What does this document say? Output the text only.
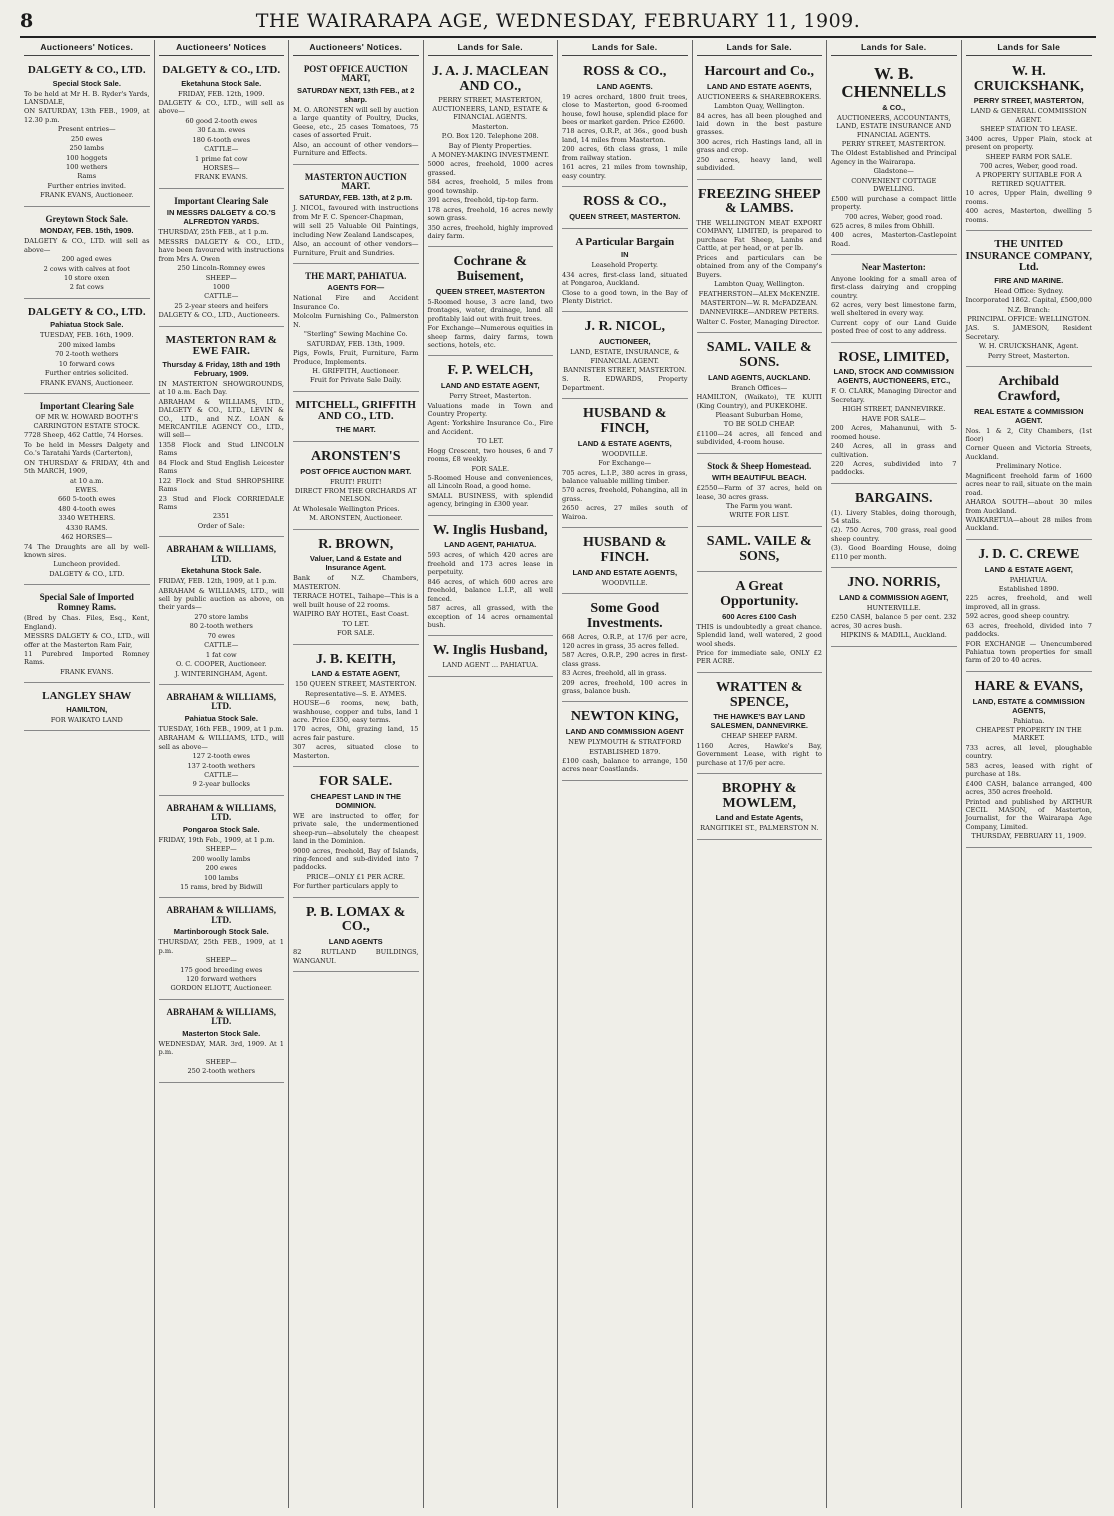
8	THE WAIRARAPA AGE, WEDNESDAY, FEBRUARY 11, 1909.
Auctioneers' Notices.
DALGETY & CO., LTD.
Special Stock Sale.
To be held at Mr H. B. Ryder's Yards, LANSDALE,
ON SATURDAY, 13th FEB., 1909, at 12.30 p.m.
Present entries—
250 ewes
250 lambs
100 hoggets
100 wethers
Rams
Further entries invited.
FRANK EVANS, Auctioneer.
Greytown Stock Sale.
MONDAY, FEB. 15th, 1909.
DALGETY & CO., LTD. will sell as above—
200 aged ewes
2 cows with calves at foot
10 store oxen
2 fat cows
DALGETY & CO., LTD.
Pahiatua Stock Sale.
TUESDAY, FEB. 16th, 1909.
200 mixed lambs
70 2-tooth wethers
10 forward cows
Further entries solicited.
FRANK EVANS, Auctioneer.
Important Clearing Sale
OF MR W. HOWARD BOOTH'S CARRINGTON ESTATE STOCK.
7728 Sheep, 462 Cattle, 74 Horses.
To be held in Messrs Dalgety and Co.'s Taratahi Yards (Carterton),
ON THURSDAY & FRIDAY, 4th and 5th MARCH, 1909,
at 10 a.m.
EWES.
660 5-tooth ewes
480 4-tooth ewes
3340 WETHERS.
4330 RAMS.
462 HORSES—
74 The Draughts are all by well-known sires.
Luncheon provided.
DALGETY & CO., LTD.
Special Sale of Imported Romney Rams.
(Bred by Chas. Files, Esq., Kent, England).
MESSRS DALGETY & CO., LTD., will offer at the Masterton Ram Fair,
11 Purebred Imported Romney Rams.
FRANK EVANS.
LANGLEY SHAW
HAMILTON,
FOR WAIKATO LAND
Auctioneers' Notices
DALGETY & CO., LTD.
Eketahuna Stock Sale.
FRIDAY, FEB. 12th, 1909.
DALGETY & CO., LTD., will sell as above—
60 good 2-tooth ewes
30 f.a.m. ewes
180 6-tooth ewes
CATTLE—
1 prime fat cow
HORSES—
FRANK EVANS.
Important Clearing Sale
IN MESSRS DALGETY & CO.'S ALFREDTON YARDS.
THURSDAY, 25th FEB., at 1 p.m.
MESSRS DALGETY & CO., LTD., have been favoured with instructions from Mrs A. Owen
250 Lincoln-Romney ewes
SHEEP—
1000
CATTLE—
25 2-year steers and heifers
DALGETY & CO., LTD., Auctioneers.
MASTERTON RAM & EWE FAIR.
Thursday & Friday, 18th and 19th February, 1909.
IN MASTERTON SHOWGROUNDS, at 10 a.m. Each Day.
ABRAHAM & WILLIAMS, LTD., DALGETY & CO., LTD., LEVIN & CO., LTD., and N.Z. LOAN & MERCANTILE AGENCY CO., LTD., will sell—
1358 Flock and Stud LINCOLN Rams
84 Flock and Stud English Leicester Rams
122 Flock and Stud SHROPSHIRE Rams
23 Stud and Flock CORRIEDALE Rams
2351
Order of Sale:
ABRAHAM & WILLIAMS, LTD.
Eketahuna Stock Sale.
FRIDAY, FEB. 12th, 1909, at 1 p.m.
ABRAHAM & WILLIAMS, LTD., will sell by public auction as above, on their yards—
270 store lambs
80 2-tooth wethers
70 ewes
CATTLE—
1 fat cow
O. C. COOPER, Auctioneer.
J. WINTERINGHAM, Agent.
ABRAHAM & WILLIAMS, LTD.
Pahiatua Stock Sale.
TUESDAY, 16th FEB., 1909, at 1 p.m.
ABRAHAM & WILLIAMS, LTD., will sell as above—
127 2-tooth ewes
137 2-tooth wethers
CATTLE—
9 2-year bullocks
ABRAHAM & WILLIAMS, LTD.
Pongaroa Stock Sale.
FRIDAY, 19th Feb., 1909, at 1 p.m.
SHEEP—
200 woolly lambs
200 ewes
100 lambs
15 rams, bred by Bidwill
ABRAHAM & WILLIAMS, LTD.
Martinborough Stock Sale.
THURSDAY, 25th FEB., 1909, at 1 p.m.
SHEEP—
175 good breeding ewes
120 forward wethers
GORDON ELIOTT, Auctioneer.
ABRAHAM & WILLIAMS, LTD.
Masterton Stock Sale.
WEDNESDAY, MAR. 3rd, 1909. At 1 p.m.
SHEEP—
250 2-tooth wethers
Auctioneers' Notices.
POST OFFICE AUCTION MART,
SATURDAY NEXT, 13th FEB., at 2 sharp.
M. O. ARONSTEN will sell by auction a large quantity of Poultry, Ducks, Geese, etc., 25 cases Tomatoes, 75 cases of assorted Fruit.
Also, an account of other vendors—Furniture and Effects.
MASTERTON AUCTION MART.
SATURDAY, FEB. 13th, at 2 p.m.
J. NICOL, favoured with instructions from Mr F. C. Spencer-Chapman,
will sell 25 Valuable Oil Paintings, including New Zealand Landscapes,
Also, an account of other vendors—Furniture, Fruit and Sundries.
THE MART, PAHIATUA.
AGENTS FOR—
National Fire and Accident Insurance Co.
Molcolm Furnishing Co., Palmerston N.
"Sterling" Sewing Machine Co.
SATURDAY, FEB. 13th, 1909.
Pigs, Fowls, Fruit, Furniture, Farm Produce, Implements.
H. GRIFFITH, Auctioneer.
Fruit for Private Sale Daily.
MITCHELL, GRIFFITH AND CO., LTD.
THE MART.
ARONSTEN'S
POST OFFICE AUCTION MART.
FRUIT! FRUIT!
DIRECT FROM THE ORCHARDS AT NELSON.
At Wholesale Wellington Prices.
M. ARONSTEN, Auctioneer.
R. BROWN,
Valuer, Land & Estate and Insurance Agent.
Bank of N.Z. Chambers, MASTERTON.
TERRACE HOTEL, Taihape—This is a well built house of 22 rooms.
WAIPIRO BAY HOTEL, East Coast.
TO LET.
FOR SALE.
J. B. KEITH,
LAND & ESTATE AGENT,
150 QUEEN STREET, MASTERTON.
Representative—S. E. AYMES.
HOUSE—6 rooms, new, bath, washhouse, copper and tubs, land 1 acre. Price £350, easy terms.
170 acres, Ohi, grazing land, 15 acres fair pasture.
307 acres, situated close to Masterton.
FOR SALE.
CHEAPEST LAND IN THE DOMINION.
WE are instructed to offer, for private sale, the undermentioned sheep-run—absolutely the cheapest land in the Dominion.
9000 acres, freehold, Bay of Islands, ring-fenced and sub-divided into 7 paddocks.
PRICE—ONLY £1 PER ACRE.
For further particulars apply to
P. B. LOMAX & CO.,
LAND AGENTS
82 RUTLAND BUILDINGS, WANGANUI.
Lands for Sale.
J. A. J. MACLEAN AND CO.,
PERRY STREET, MASTERTON, AUCTIONEERS, LAND, ESTATE & FINANCIAL AGENTS.
Masterton.
P.O. Box 120. Telephone 208.
Bay of Plenty Properties.
A MONEY-MAKING INVESTMENT.
5000 acres, freehold, 1000 acres grassed.
584 acres, freehold, 5 miles from good township.
391 acres, freehold, tip-top farm.
178 acres, freehold, 16 acres newly sown grass.
350 acres, freehold, highly improved dairy farm.
Cochrane & Buisement,
QUEEN STREET, MASTERTON
5-Roomed house, 3 acre land, two frontages, water, drainage, land all profitably laid out with fruit trees.
For Exchange—Numerous equities in sheep farms, dairy farms, town sections, hotels, etc.
F. P. WELCH,
LAND AND ESTATE AGENT,
Perry Street, Masterton.
Valuations made in Town and Country Property.
Agent: Yorkshire Insurance Co., Fire and Accident.
TO LET.
Hogg Crescent, two houses, 6 and 7 rooms, £8 weekly.
FOR SALE.
5-Roomed House and conveniences, all Lincoln Road, a good home.
SMALL BUSINESS, with splendid agency, bringing in £300 year.
W. Inglis Husband,
LAND AGENT, PAHIATUA.
593 acres, of which 420 acres are freehold and 173 acres lease in perpetuity.
846 acres, of which 600 acres are freehold, balance L.I.P., all well fenced.
587 acres, all grassed, with the exception of 14 acres ornamental bush.
W. Inglis Husband,
LAND AGENT ... PAHIATUA.
Lands for Sale.
ROSS & CO.,
LAND AGENTS.
19 acres orchard, 1800 fruit trees, close to Masterton, good 6-roomed house, fowl house, splendid place for bees or market garden. Price £2600.
718 acres, O.R.P., at 36s., good bush land, 14 miles from Masterton.
200 acres, 6th class grass, 1 mile from railway station.
161 acres, 21 miles from township, easy country.
ROSS & CO.,
QUEEN STREET, MASTERTON.
A Particular Bargain
IN
Leasehold Property.
434 acres, first-class land, situated at Pongaroa, Auckland.
Close to a good town, in the Bay of Plenty District.
J. R. NICOL,
AUCTIONEER,
LAND, ESTATE, INSURANCE, & FINANCIAL AGENT.
BANNISTER STREET, MASTERTON.
S. R. EDWARDS, Property Department.
HUSBAND & FINCH,
LAND & ESTATE AGENTS,
WOODVILLE.
For Exchange—
705 acres, L.I.P., 380 acres in grass, balance valuable milling timber.
570 acres, freehold, Pohangina, all in grass.
2650 acres, 27 miles south of Wairoa.
HUSBAND & FINCH.
LAND AND ESTATE AGENTS,
WOODVILLE.
Some Good Investments.
668 Acres, O.R.P., at 17/6 per acre, 120 acres in grass, 35 acres felled.
587 Acres, O.R.P., 290 acres in first-class grass.
83 Acres, freehold, all in grass.
209 acres, freehold, 100 acres in grass, balance bush.
NEWTON KING,
LAND AND COMMISSION AGENT
NEW PLYMOUTH & STRATFORD
ESTABLISHED 1879.
£100 cash, balance to arrange, 150 acres near Coastlands.
Lands for Sale.
Harcourt and Co.,
LAND AND ESTATE AGENTS,
AUCTIONEERS & SHAREBROKERS.
Lambton Quay, Wellington.
84 acres, has all been ploughed and laid down in the best pasture grasses.
300 acres, rich Hastings land, all in grass and crop.
250 acres, heavy land, well subdivided.
FREEZING SHEEP & LAMBS.
THE WELLINGTON MEAT EXPORT COMPANY, LIMITED, is prepared to purchase Fat Sheep, Lambs and Cattle, at per head, or at per lb.
Prices and particulars can be obtained from any of the Company's Buyers.
Lambton Quay, Wellington.
FEATHERSTON—ALEX McKENZIE.
MASTERTON—W. R. McFADZEAN.
DANNEVIRKE—ANDREW PETERS.
Walter C. Foster, Managing Director.
SAML. VAILE & SONS.
LAND AGENTS, AUCKLAND.
Branch Offices—
HAMILTON, (Waikato), TE KUITI (King Country), and PUKEKOHE.
Pleasant Suburban Home,
TO BE SOLD CHEAP.
£1100—24 acres, all fenced and subdivided, 4-room house.
Stock & Sheep Homestead.
WITH BEAUTIFUL BEACH.
£2550—Farm of 37 acres, held on lease, 30 acres grass.
The Farm you want.
WRITE FOR LIST.
SAML. VAILE & SONS,
A Great Opportunity.
600 Acres £100 Cash
THIS is undoubtedly a great chance. Splendid land, well watered, 2 good wool sheds.
Price for immediate sale, ONLY £2 PER ACRE.
WRATTEN & SPENCE,
THE HAWKE'S BAY LAND SALESMEN, DANNEVIRKE.
CHEAP SHEEP FARM.
1160 Acres, Hawke's Bay, Government Lease, with right to purchase at 17/6 per acre.
BROPHY & MOWLEM,
Land and Estate Agents,
RANGITIKEI ST., PALMERSTON N.
Lands for Sale.
W. B. CHENNELLS
& CO.,
AUCTIONEERS, ACCOUNTANTS, LAND, ESTATE INSURANCE AND FINANCIAL AGENTS.
PERRY STREET, MASTERTON.
The Oldest Established and Principal Agency in the Wairarapa.
Gladstone—
CONVENIENT COTTAGE DWELLING.
£500 will purchase a compact little property.
700 acres, Weber, good road.
625 acres, 8 miles from Obhill.
400 acres, Masterton-Castlepoint Road.
Near Masterton:
Anyone looking for a small area of first-class dairying and cropping country.
62 acres, very best limestone farm, well sheltered in every way.
Current copy of our Land Guide posted free of cost to any address.
ROSE, LIMITED,
LAND, STOCK AND COMMISSION AGENTS, AUCTIONEERS, ETC.,
F. O. CLARK, Managing Director and Secretary.
HIGH STREET, DANNEVIRKE.
HAVE FOR SALE—
200 Acres, Mahanunui, with 5-roomed house.
240 Acres, all in grass and cultivation.
220 Acres, subdivided into 7 paddocks.
BARGAINS.
(1). Livery Stables, doing thorough, 54 stalls.
(2). 750 Acres, 700 grass, real good sheep country.
(3). Good Boarding House, doing £110 per month.
JNO. NORRIS,
LAND & COMMISSION AGENT,
HUNTERVILLE.
£250 CASH, balance 5 per cent. 232 acres, 30 acres bush.
HIPKINS & MADILL, Auckland.
Lands for Sale
W. H. CRUICKSHANK,
PERRY STREET, MASTERTON,
LAND & GENERAL COMMISSION AGENT.
SHEEP STATION TO LEASE.
3400 acres, Upper Plain, stock at present on property.
SHEEP FARM FOR SALE.
700 acres, Weber, good road.
A PROPERTY SUITABLE FOR A RETIRED SQUATTER.
10 acres, Upper Plain, dwelling 9 rooms.
400 acres, Masterton, dwelling 5 rooms.
THE UNITED INSURANCE COMPANY, Ltd.
FIRE AND MARINE.
Head Office: Sydney.
Incorporated 1862. Capital, £500,000
N.Z. Branch:
PRINCIPAL OFFICE: WELLINGTON.
JAS. S. JAMESON, Resident Secretary.
W. H. CRUICKSHANK, Agent.
Perry Street, Masterton.
Archibald Crawford,
REAL ESTATE & COMMISSION AGENT.
Nos. 1 & 2, City Chambers, (1st floor)
Corner Queen and Victoria Streets, Auckland.
Preliminary Notice.
Magnificent freehold farm of 1600 acres near to rail, situate on the main road.
AHAROA SOUTH—about 30 miles from Auckland.
WAIKARETUA—about 28 miles from Auckland.
J. D. C. CREWE
LAND & ESTATE AGENT,
PAHIATUA.
Established 1890.
225 acres, freehold, and well improved, all in grass.
592 acres, good sheep country.
63 acres, freehold, divided into 7 paddocks.
FOR EXCHANGE — Unencumbered Pahiatua town properties for small farm of 20 to 40 acres.
HARE & EVANS,
LAND, ESTATE & COMMISSION AGENTS,
Pahiatua.
CHEAPEST PROPERTY IN THE MARKET.
733 acres, all level, ploughable country.
583 acres, leased with right of purchase at 18s.
£400 CASH, balance arranged, 400 acres, 350 acres freehold.
Printed and published by ARTHUR CECIL MASON, of Masterton, Journalist, for the Wairarapa Age Company, Limited.
THURSDAY, FEBRUARY 11, 1909.
